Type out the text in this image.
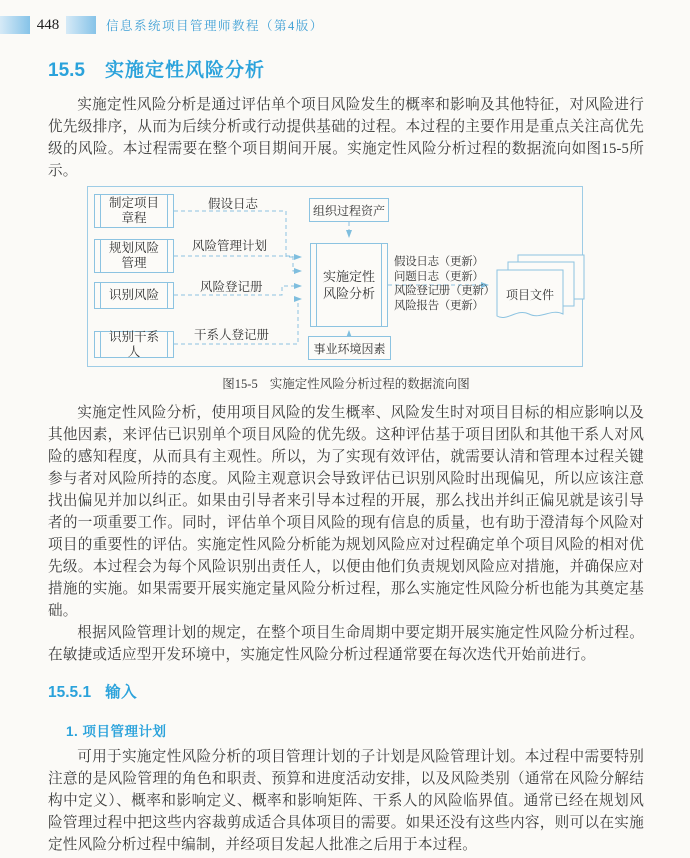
448	信息系统项目管理师教程（第4版）
15.5 实施定性风险分析

实施定性风险分析是通过评估单个项目风险发生的概率和影响及其他特征，对风险进行优先级排序，从而为后续分析或行动提供基础的过程。本过程的主要作用是重点关注高优先级的风险。本过程需要在整个项目期间开展。实施定性风险分析过程的数据流向如图15-5所示。

制定项目章程
规划风险管理
识别风险
识别干系人
假设日志
风险管理计划
风险登记册
干系人登记册
组织过程资产
实施定性风险分析
事业环境因素
假设日志（更新）
问题日志（更新）
风险登记册（更新）
风险报告（更新）
项目文件
图15-5 实施定性风险分析过程的数据流向图

实施定性风险分析，使用项目风险的发生概率、风险发生时对项目目标的相应影响以及其他因素，来评估已识别单个项目风险的优先级。这种评估基于项目团队和其他干系人对风险的感知程度，从而具有主观性。所以，为了实现有效评估，就需要认清和管理本过程关键参与者对风险所持的态度。风险主观意识会导致评估已识别风险时出现偏见，所以应该注意找出偏见并加以纠正。如果由引导者来引导本过程的开展，那么找出并纠正偏见就是该引导者的一项重要工作。同时，评估单个项目风险的现有信息的质量，也有助于澄清每个风险对项目的重要性的评估。实施定性风险分析能为规划风险应对过程确定单个项目风险的相对优先级。本过程会为每个风险识别出责任人，以便由他们负责规划风险应对措施，并确保应对措施的实施。如果需要开展实施定量风险分析过程，那么实施定性风险分析也能为其奠定基础。

根据风险管理计划的规定，在整个项目生命周期中要定期开展实施定性风险分析过程。在敏捷或适应型开发环境中，实施定性风险分析过程通常要在每次迭代开始前进行。

15.5.1 输入
1. 项目管理计划

可用于实施定性风险分析的项目管理计划的子计划是风险管理计划。本过程中需要特别注意的是风险管理的角色和职责、预算和进度活动安排，以及风险类别（通常在风险分解结构中定义）、概率和影响定义、概率和影响矩阵、干系人的风险临界值。通常已经在规划风险管理过程中把这些内容裁剪成适合具体项目的需要。如果还没有这些内容，则可以在实施定性风险分析过程中编制，并经项目发起人批准之后用于本过程。
